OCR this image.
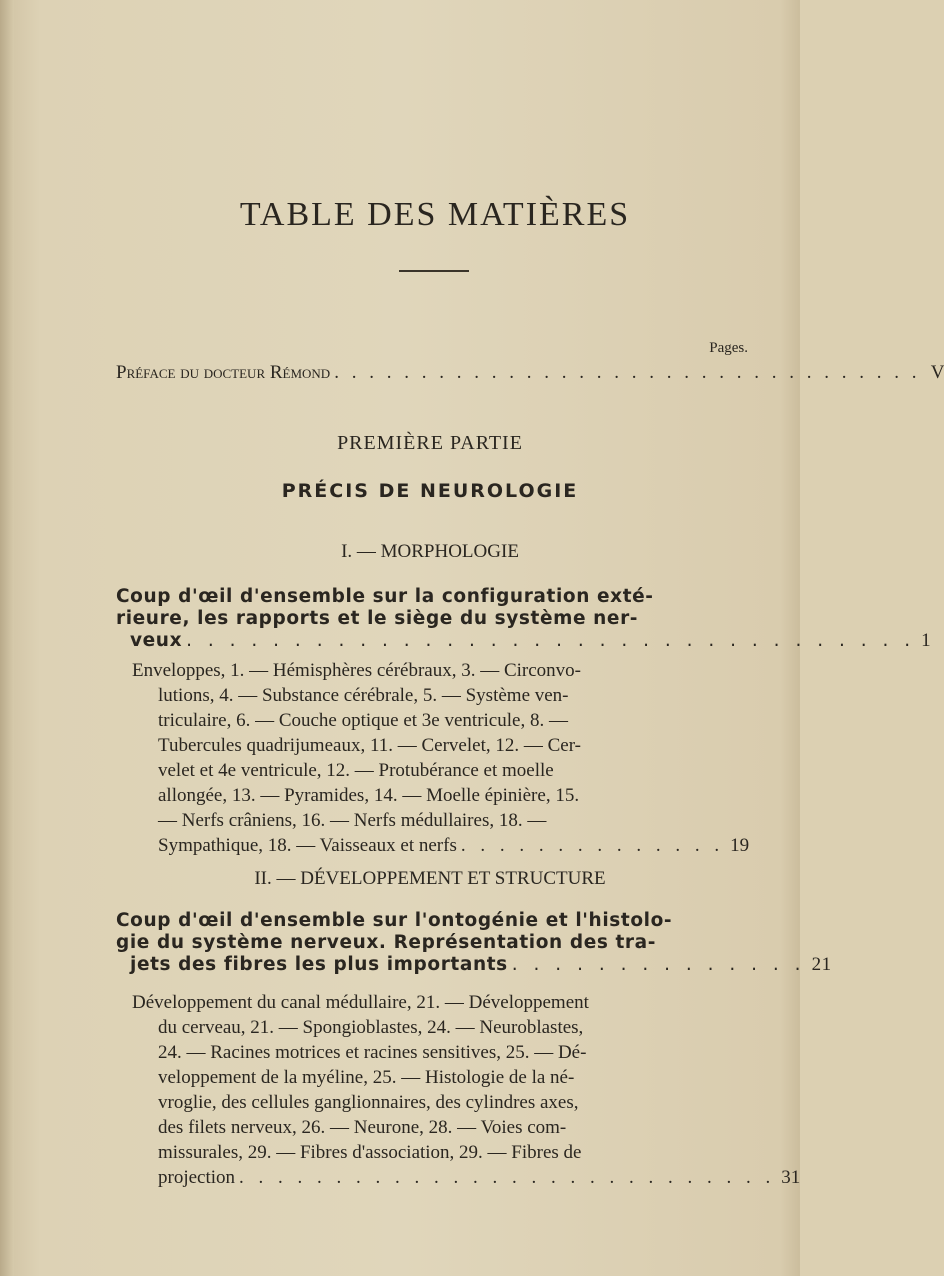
TABLE DES MATIÈRES
Pages.
Préface du docteur Rémond . . . . . . . . . . . . . . . . . . . . . . . . . . . . . . . . . . V
PREMIÈRE PARTIE
PRÉCIS DE NEUROLOGIE
I. — MORPHOLOGIE
Coup d'œil d'ensemble sur la configuration exté-
rieure, les rapports et le siège du système ner-
veux . . . . . . . . . . . . . . . . . . . . . . . . . . . . . . . . . . 1
Enveloppes, 1. — Hémisphères cérébraux, 3. — Circonvo-
lutions, 4. — Substance cérébrale, 5. — Système ven-
triculaire, 6. — Couche optique et 3e ventricule, 8. —
Tubercules quadrijumeaux, 11. — Cervelet, 12. — Cer-
velet et 4e ventricule, 12. — Protubérance et moelle
allongée, 13. — Pyramides, 14. — Moelle épinière, 15.
— Nerfs crâniens, 16. — Nerfs médullaires, 18. —
Sympathique, 18. — Vaisseaux et nerfs . . . . . . . . . . . . . . 19
II. — DÉVELOPPEMENT ET STRUCTURE
Coup d'œil d'ensemble sur l'ontogénie et l'histolo-
gie du système nerveux. Représentation des tra-
jets des fibres les plus importants . . . . . . . . . . . . . . 21
Développement du canal médullaire, 21. — Développement
du cerveau, 21. — Spongioblastes, 24. — Neuroblastes,
24. — Racines motrices et racines sensitives, 25. — Dé-
veloppement de la myéline, 25. — Histologie de la né-
vroglie, des cellules ganglionnaires, des cylindres axes,
des filets nerveux, 26. — Neurone, 28. — Voies com-
missurales, 29. — Fibres d'association, 29. — Fibres de
projection . . . . . . . . . . . . . . . . . . . . . . . . . . . . 31
